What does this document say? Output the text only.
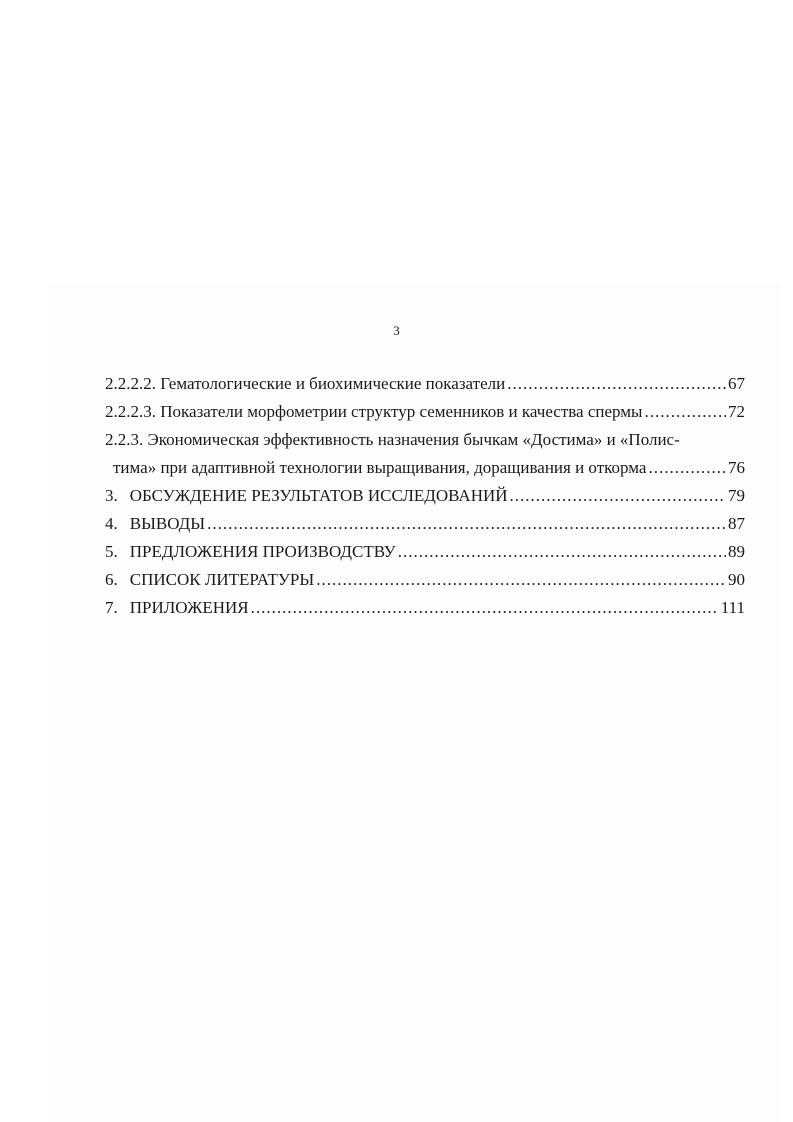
3
2.2.2.2. Гематологические и биохимические показатели .....	67
2.2.2.3. Показатели морфометрии структур семенников и качества спермы .....	72
2.2.3. Экономическая эффективность назначения бычкам «Достима» и «Полис-
тима» при адаптивной технологии выращивания, доращивания и откорма .....	76
3. ОБСУЖДЕНИЕ РЕЗУЛЬТАТОВ ИССЛЕДОВАНИЙ .....	79
4. ВЫВОДЫ .....	87
5. ПРЕДЛОЖЕНИЯ ПРОИЗВОДСТВУ .....	89
6. СПИСОК ЛИТЕРАТУРЫ .....	90
7. ПРИЛОЖЕНИЯ .....	111
